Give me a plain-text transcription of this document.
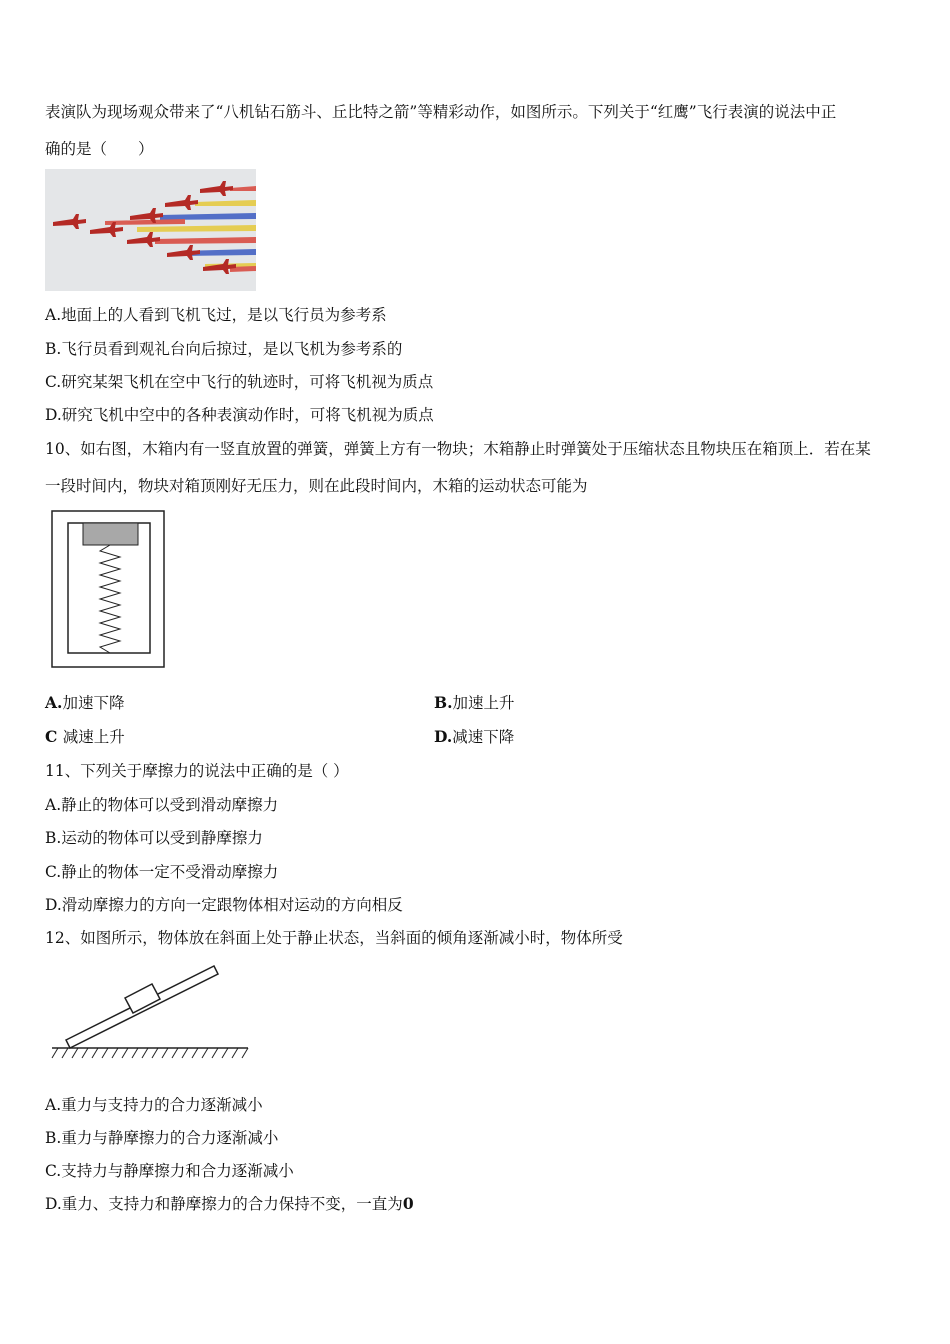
表演队为现场观众带来了“八机钻石筋斗、丘比特之箭”等精彩动作，如图所示。下列关于“红鹰”飞行表演的说法中正
确的是（　　）
A.地面上的人看到飞机飞过，是以飞行员为参考系
B.飞行员看到观礼台向后掠过，是以飞机为参考系的
C.研究某架飞机在空中飞行的轨迹时，可将飞机视为质点
D.研究飞机中空中的各种表演动作时，可将飞机视为质点
10、如右图，木箱内有一竖直放置的弹簧，弹簧上方有一物块；木箱静止时弹簧处于压缩状态且物块压在箱顶上．若在某
一段时间内，物块对箱顶刚好无压力，则在此段时间内，木箱的运动状态可能为
A.加速下降	B.加速上升
C 减速上升	D.减速下降
11、下列关于摩擦力的说法中正确的是（ ）
A.静止的物体可以受到滑动摩擦力
B.运动的物体可以受到静摩擦力
C.静止的物体一定不受滑动摩擦力
D.滑动摩擦力的方向一定跟物体相对运动的方向相反
12、如图所示，物体放在斜面上处于静止状态，当斜面的倾角逐渐减小时，物体所受
A.重力与支持力的合力逐渐减小
B.重力与静摩擦力的合力逐渐减小
C.支持力与静摩擦力和合力逐渐减小
D.重力、支持力和静摩擦力的合力保持不变，一直为0
